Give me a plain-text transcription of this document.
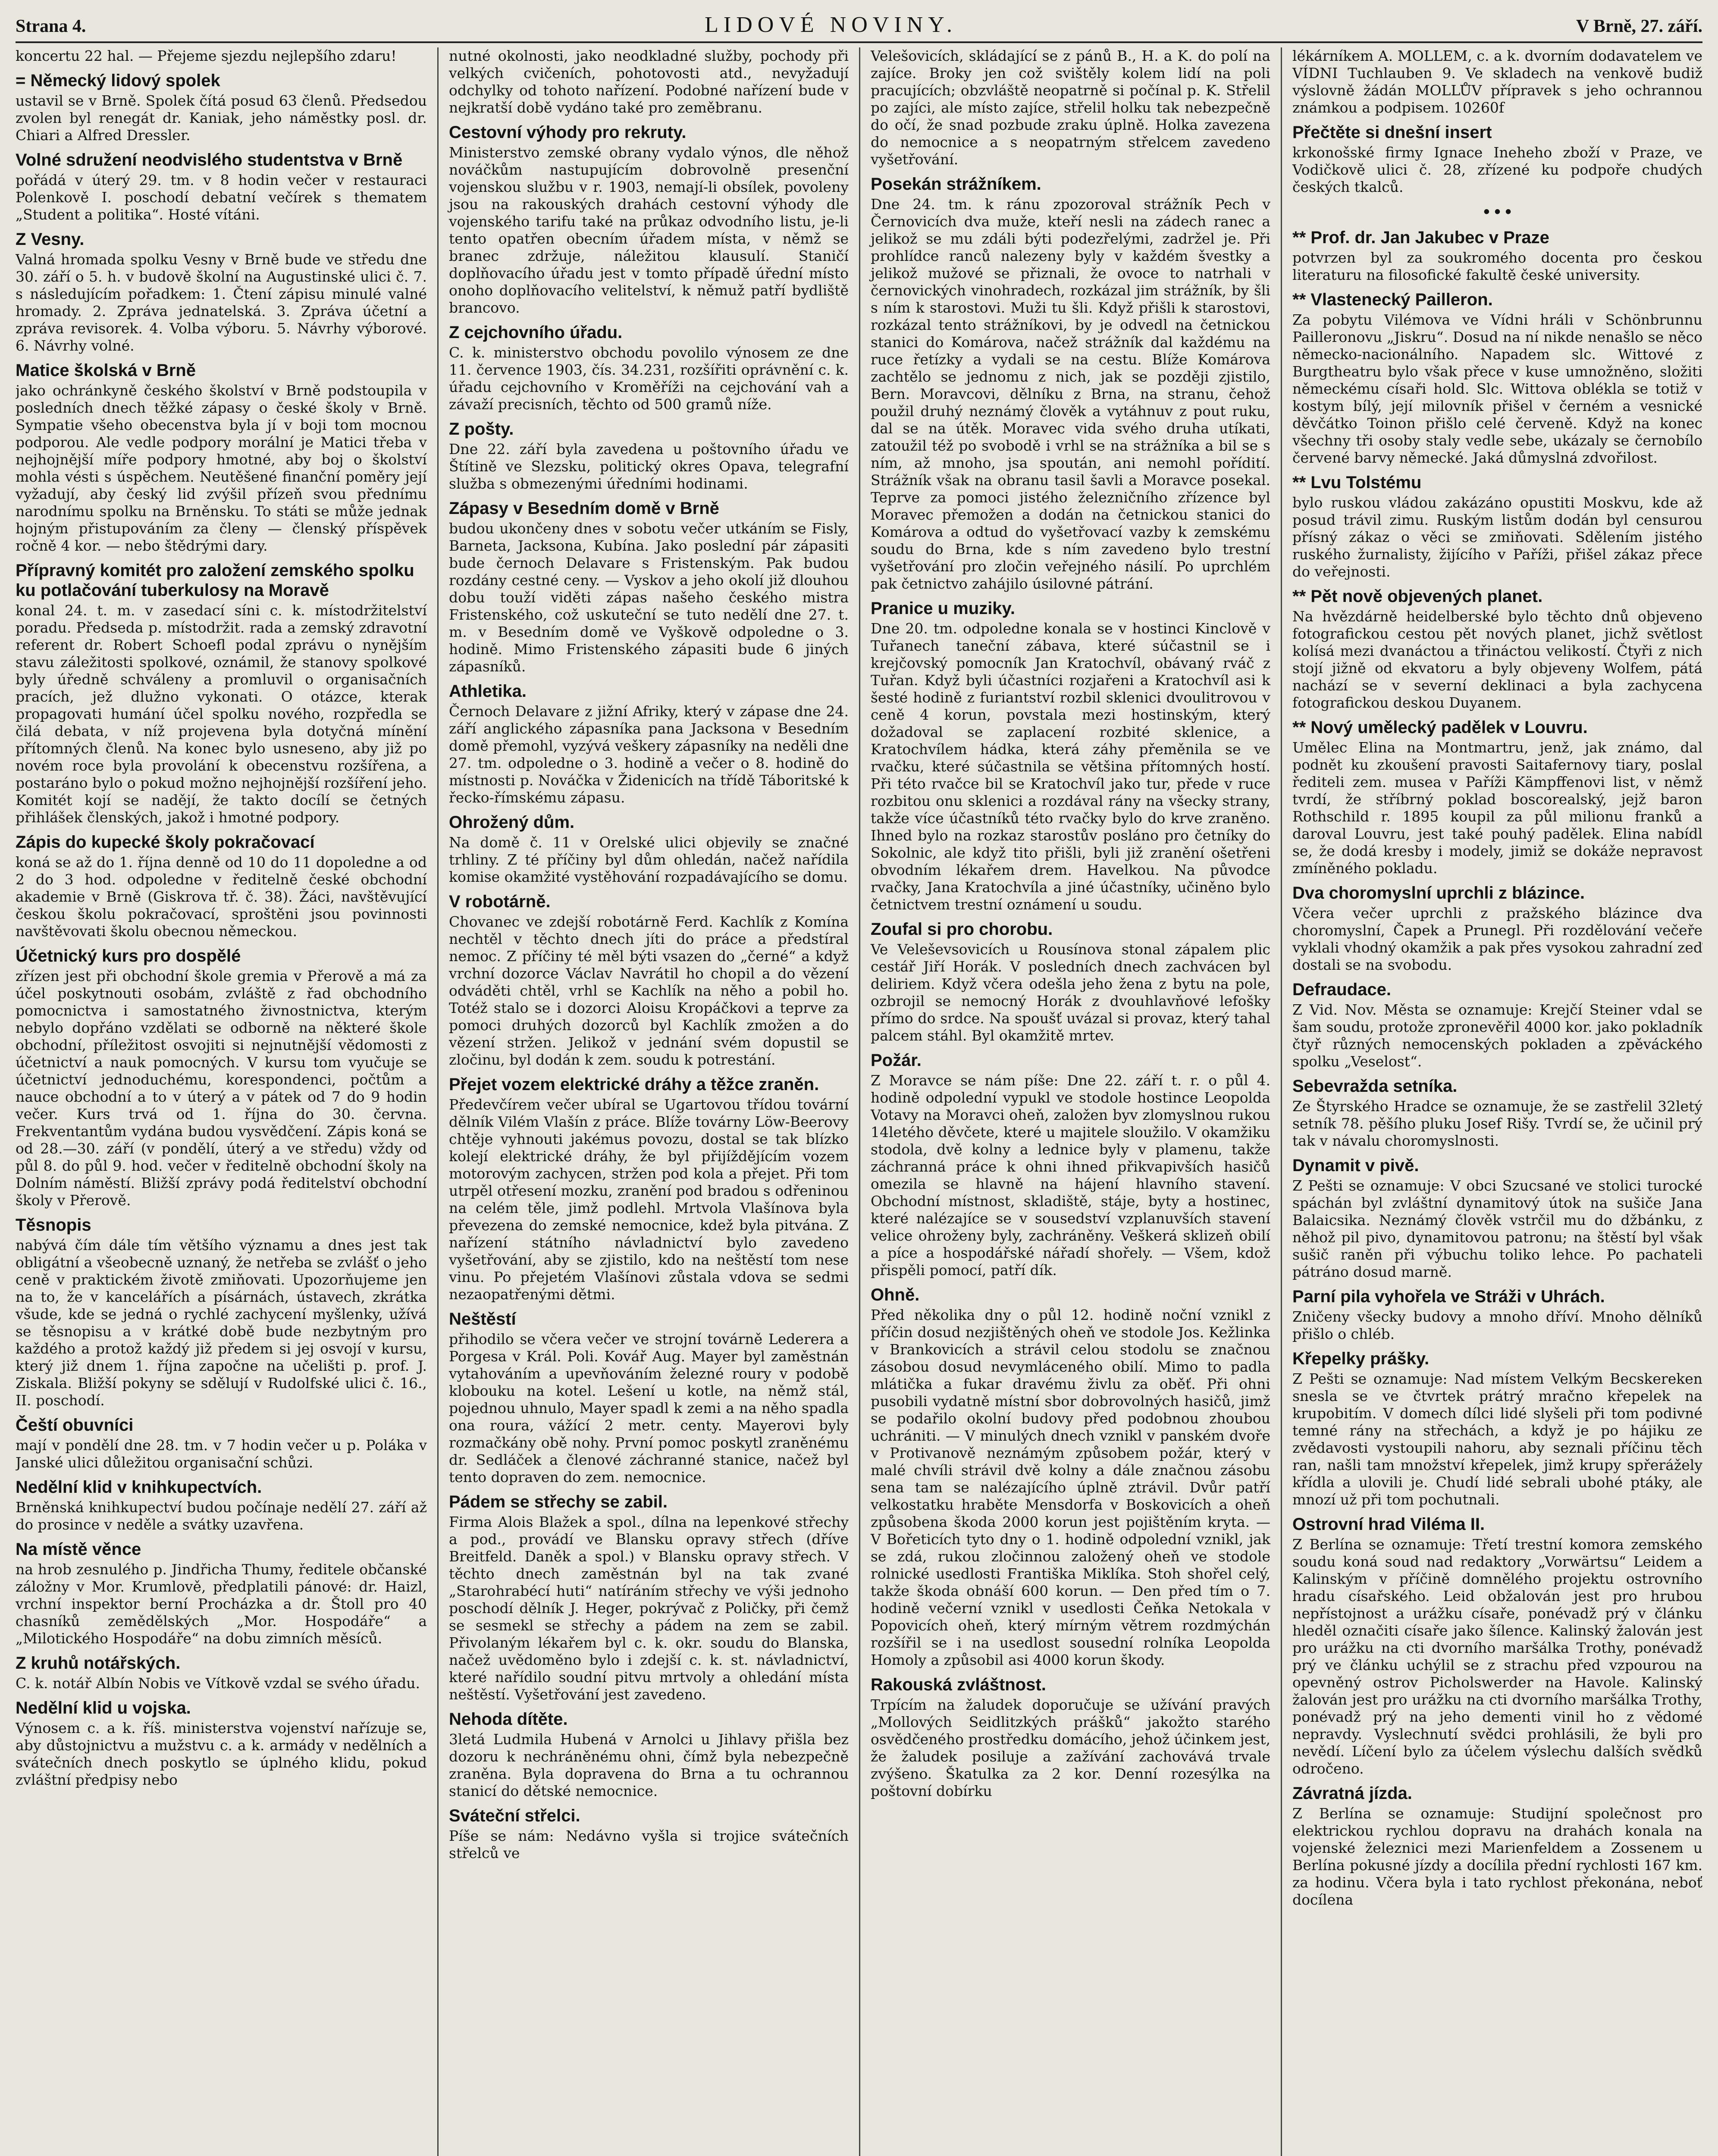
Strana 4.	LIDOVÉ NOVINY.	V Brně, 27. září.

koncertu 22 hal. — Přejeme sjezdu nejlepšího zdaru!

= Německý lidový spolek

ustavil se v Brně. Spolek čítá posud 63 členů. Předsedou zvolen byl renegát dr. Kaniak, jeho náměstky posl. dr. Chiari a Alfred Dressler.

Volné sdružení neodvislého studentstva v Brně

pořádá v úterý 29. tm. v 8 hodin večer v restauraci Polenkově I. poschodí debatní večírek s thematem „Student a politika“. Hosté vítáni.

Z Vesny.

Valná hromada spolku Vesny v Brně bude ve středu dne 30. září o 5. h. v budově školní na Augustinské ulici č. 7. s následujícím pořadkem: 1. Čtení zápisu minulé valné hromady. 2. Zpráva jednatelská. 3. Zpráva účetní a zpráva revisorek. 4. Volba výboru. 5. Návrhy výborové. 6. Návrhy volné.

Matice školská v Brně

jako ochránkyně českého školství v Brně podstoupila v posledních dnech těžké zápasy o české školy v Brně. Sympatie všeho obecenstva byla jí v boji tom mocnou podporou. Ale vedle podpory morální je Matici třeba v nejhojnější míře podpory hmotné, aby boj o školství mohla vésti s úspěchem. Neutěšené finanční poměry její vyžadují, aby český lid zvýšil přízeň svou přednímu narodnímu spolku na Brněnsku. To státi se může jednak hojným přistupováním za členy — členský příspěvek ročně 4 kor. — nebo štědrými dary.

Přípravný komitét pro založení zemského spolku ku potlačování tuberkulosy na Moravě

konal 24. t. m. v zasedací síni c. k. místodržitelství poradu. Předseda p. místodržit. rada a zemský zdravotní referent dr. Robert Schoefl podal zprávu o nynějším stavu záležitosti spolkové, oznámil, že stanovy spolkové byly úředně schváleny a promluvil o organisačních pracích, jež dlužno vykonati. O otázce, kterak propagovati humání účel spolku nového, rozpředla se čilá debata, v níž projevena byla dotyčná mínění přítomných členů. Na konec bylo usneseno, aby již po novém roce byla provolání k obecenstvu rozšířena, a postaráno bylo o pokud možno nejhojnější rozšíření jeho. Komitét kojí se nadějí, že takto docílí se četných přihlášek členských, jakož i hmotné podpory.

Zápis do kupecké školy pokračovací

koná se až do 1. října denně od 10 do 11 dopoledne a od 2 do 3 hod. odpoledne v ředitelně české obchodní akademie v Brně (Giskrova tř. č. 38). Žáci, navštěvující českou školu pokračovací, sproštěni jsou povinnosti navštěvovati školu obecnou německou.

Účetnický kurs pro dospělé

zřízen jest při obchodní škole gremia v Přerově a má za účel poskytnouti osobám, zvláště z řad obchodního pomocnictva i samostatného živnostnictva, kterým nebylo dopřáno vzdělati se odborně na některé škole obchodní, příležitost osvojiti si nejnutnější vědomosti z účetnictví a nauk pomocných. V kursu tom vyučuje se účetnictví jednoduchému, korespondenci, počtům a nauce obchodní a to v úterý a v pátek od 7 do 9 hodin večer. Kurs trvá od 1. října do 30. června. Frekventantům vydána budou vysvědčení. Zápis koná se od 28.—30. září (v pondělí, úterý a ve středu) vždy od půl 8. do půl 9. hod. večer v ředitelně obchodní školy na Dolním náměstí. Bližší zprávy podá ředitelství obchodní školy v Přerově.

Těsnopis

nabývá čím dále tím většího významu a dnes jest tak obligátní a všeobecně uznaný, že netřeba se zvlášť o jeho ceně v praktickém životě zmiňovati. Upozorňujeme jen na to, že v kancelářích a písárnách, ústavech, zkrátka všude, kde se jedná o rychlé zachycení myšlenky, užívá se těsnopisu a v krátké době bude nezbytným pro každého a protož každý již předem si jej osvojí v kursu, který již dnem 1. října započne na učelišti p. prof. J. Ziskala. Bližší pokyny se sdělují v Rudolfské ulici č. 16., II. poschodí.

Čeští obuvníci

mají v pondělí dne 28. tm. v 7 hodin večer u p. Poláka v Janské ulici důležitou organisační schůzi.

Nedělní klid v knihkupectvích.

Brněnská knihkupectví budou počínaje nedělí 27. září až do prosince v neděle a svátky uzavřena.

Na místě věnce

na hrob zesnulého p. Jindřicha Thumy, ředitele občanské záložny v Mor. Krumlově, předplatili pánové: dr. Haizl, vrchní inspektor berní Procházka a dr. Štoll pro 40 chasníků zemědělských „Mor. Hospodáře“ a „Milotického Hospodáře“ na dobu zimních měsíců.

Z kruhů notářských.

C. k. notář Albín Nobis ve Vítkově vzdal se svého úřadu.

Nedělní klid u vojska.

Výnosem c. a k. říš. ministerstva vojenství nařízuje se, aby důstojnictvu a mužstvu c. a k. armády v nedělních a svátečních dnech poskytlo se úplného klidu, pokud zvláštní předpisy nebo

nutné okolnosti, jako neodkladné služby, pochody při velkých cvičeních, pohotovosti atd., nevyžadují odchylky od tohoto nařízení. Podobné nařízení bude v nejkratší době vydáno také pro zeměbranu.

Cestovní výhody pro rekruty.

Ministerstvo zemské obrany vydalo výnos, dle něhož nováčkům nastupujícím dobrovolně presenční vojenskou službu v r. 1903, nemají-li obsílek, povoleny jsou na rakouských drahách cestovní výhody dle vojenského tarifu také na průkaz odvodního listu, je-li tento opatřen obecním úřadem místa, v němž se branec zdržuje, náležitou klausulí. Staničí doplňovacího úřadu jest v tomto případě úřední místo onoho doplňovacího velitelství, k němuž patří bydliště brancovo.

Z cejchovního úřadu.

C. k. ministerstvo obchodu povolilo výnosem ze dne 11. července 1903, čís. 34.231, rozšířiti oprávnění c. k. úřadu cejchovního v Kroměříži na cejchování vah a závaží precisních, těchto od 500 gramů níže.

Z pošty.

Dne 22. září byla zavedena u poštovního úřadu ve Štítině ve Slezsku, politický okres Opava, telegrafní služba s obmezenými úředními hodinami.

Zápasy v Besedním domě v Brně

budou ukončeny dnes v sobotu večer utkáním se Fisly, Barneta, Jacksona, Kubína. Jako poslední pár zápasiti bude černoch Delavare s Fristenským. Pak budou rozdány cestné ceny. — Vyskov a jeho okolí již dlouhou dobu touží viděti zápas našeho českého mistra Fristenského, což uskuteční se tuto nedělí dne 27. t. m. v Besedním domě ve Vyškově odpoledne o 3. hodině. Mimo Fristenského zápasiti bude 6 jiných zápasníků.

Athletika.

Černoch Delavare z jižní Afriky, který v zápase dne 24. září anglického zápasníka pana Jacksona v Besedním domě přemohl, vyzývá veškery zápasníky na neděli dne 27. tm. odpoledne o 3. hodině a večer o 8. hodině do místnosti p. Nováčka v Židenicích na třídě Táboritské k řecko-římskému zápasu.

Ohrožený dům.

Na domě č. 11 v Orelské ulici objevily se značné trhliny. Z té příčiny byl dům ohledán, načež nařídila komise okamžité vystěhování rozpadávajícího se domu.

V robotárně.

Chovanec ve zdejší robotárně Ferd. Kachlík z Komína nechtěl v těchto dnech jíti do práce a předstíral nemoc. Z příčiny té měl býti vsazen do „černé“ a když vrchní dozorce Václav Navrátil ho chopil a do vězení odváděti chtěl, vrhl se Kachlík na něho a pobil ho. Totéž stalo se i dozorci Aloisu Kropáčkovi a teprve za pomoci druhých dozorců byl Kachlík zmožen a do vězení stržen. Jelikož v jednání svém dopustil se zločinu, byl dodán k zem. soudu k potrestání.

Přejet vozem elektrické dráhy a těžce zraněn.

Předevčírem večer ubíral se Ugartovou třídou tovární dělník Vilém Vlašín z práce. Blíže továrny Löw-Beerovy chtěje vyhnouti jakémus povozu, dostal se tak blízko kolejí elektrické dráhy, že byl přijíždějícím vozem motorovým zachycen, stržen pod kola a přejet. Při tom utrpěl otřesení mozku, zranění pod bradou s odřeninou na celém těle, jimž podlehl. Mrtvola Vlašínova byla převezena do zemské nemocnice, kdež byla pitvána. Z nařízení státního návladnictví bylo zavedeno vyšetřování, aby se zjistilo, kdo na neštěstí tom nese vinu. Po přejetém Vlašínovi zůstala vdova se sedmi nezaopatřenými dětmi.

Neštěstí

přihodilo se včera večer ve strojní továrně Lederera a Porgesa v Král. Poli. Kovář Aug. Mayer byl zaměstnán vytahováním a upevňováním železné roury v podobě klobouku na kotel. Lešení u kotle, na němž stál, pojednou uhnulo, Mayer spadl k zemi a na něho spadla ona roura, vážící 2 metr. centy. Mayerovi byly rozmačkány obě nohy. První pomoc poskytl zraněnému dr. Sedláček a členové záchranné stanice, načež byl tento dopraven do zem. nemocnice.

Pádem se střechy se zabil.

Firma Alois Blažek a spol., dílna na lepenkové střechy a pod., provádí ve Blansku opravy střech (dříve Breitfeld. Daněk a spol.) v Blansku opravy střech. V těchto dnech zaměstnán byl na tak zvané „Starohrabécí huti“ natíráním střechy ve výši jednoho poschodí dělník J. Heger, pokrývač z Poličky, při čemž se sesmekl se střechy a pádem na zem se zabil. Přivolaným lékařem byl c. k. okr. soudu do Blanska, načež uvědoměno bylo i zdejší c. k. st. návladnictví, které nařídilo soudní pitvu mrtvoly a ohledání místa neštěstí. Vyšetřování jest zavedeno.

Nehoda dítěte.

3letá Ludmila Hubená v Arnolci u Jihlavy přišla bez dozoru k nechráněnému ohni, čímž byla nebezpečně zraněna. Byla dopravena do Brna a tu ochrannou stanicí do dětské nemocnice.

Sváteční střelci.

Píše se nám: Nedávno vyšla si trojice svátečních střelců ve

Velešovicích, skládající se z pánů B., H. a K. do polí na zajíce. Broky jen což svištěly kolem lidí na poli pracujících; obzvláště neopatrně si počínal p. K. Střelil po zajíci, ale místo zajíce, střelil holku tak nebezpečně do očí, že snad pozbude zraku úplně. Holka zavezena do nemocnice a s neopatrným střelcem zavedeno vyšetřování.

Posekán strážníkem.

Dne 24. tm. k ránu zpozoroval strážník Pech v Černovicích dva muže, kteří nesli na zádech ranec a jelikož se mu zdáli býti podezřelými, zadržel je. Při prohlídce ranců nalezeny byly v každém švestky a jelikož mužové se přiznali, že ovoce to natrhali v černovických vinohradech, rozkázal jim strážník, by šli s ním k starostovi. Muži tu šli. Když přišli k starostovi, rozkázal tento strážníkovi, by je odvedl na četnickou stanici do Komárova, načež strážník dal každému na ruce řetízky a vydali se na cestu. Blíže Komárova zachtělo se jednomu z nich, jak se později zjistilo, Bern. Moravcovi, dělníku z Brna, na stranu, čehož použil druhý neznámý člověk a vytáhnuv z pout ruku, dal se na útěk. Moravec vida svého druha utíkati, zatoužil též po svobodě i vrhl se na strážníka a bil se s ním, až mnoho, jsa spoután, ani nemohl pořídití. Strážník však na obranu tasil šavli a Moravce posekal. Teprve za pomoci jistého železničního zřízence byl Moravec přemožen a dodán na četnickou stanici do Komárova a odtud do vyšetřovací vazby k zemskému soudu do Brna, kde s ním zavedeno bylo trestní vyšetřování pro zločin veřejného násilí. Po uprchlém pak četnictvo zahájilo úsilovné pátrání.

Pranice u muziky.

Dne 20. tm. odpoledne konala se v hostinci Kinclově v Tuřanech taneční zábava, které súčastnil se i krejčovský pomocník Jan Kratochvíl, obávaný rváč z Tuřan. Když byli účastníci rozjařeni a Kratochvíl asi k šesté hodině z furiantství rozbil sklenici dvoulitrovou v ceně 4 korun, povstala mezi hostinským, který dožadoval se zaplacení rozbité sklenice, a Kratochvílem hádka, která záhy přeměnila se ve rvačku, které súčastnila se většina přítomných hostí. Při této rvačce bil se Kratochvíl jako tur, přede v ruce rozbitou onu sklenici a rozdával rány na všecky strany, takže více účastníků této rvačky bylo do krve zraněno. Ihned bylo na rozkaz starostův posláno pro četníky do Sokolnic, ale když tito přišli, byli již zranění ošetřeni obvodním lékařem drem. Havelkou. Na původce rvačky, Jana Kratochvíla a jiné účastníky, učiněno bylo četnictvem trestní oznámení u soudu.

Zoufal si pro chorobu.

Ve Veleševsovicích u Rousínova stonal zápalem plic cestář Jiří Horák. V posledních dnech zachvácen byl deliriem. Když včera odešla jeho žena z bytu na pole, ozbrojil se nemocný Horák z dvouhlavňové lefošky přímo do srdce. Na spoušť uvázal si provaz, který tahal palcem stáhl. Byl okamžitě mrtev.

Požár.

Z Moravce se nám píše: Dne 22. září t. r. o půl 4. hodině odpolední vypukl ve stodole hostince Leopolda Votavy na Moravci oheň, založen byv zlomyslnou rukou 14letého děvčete, které u majitele sloužilo. V okamžiku stodola, dvě kolny a lednice byly v plamenu, takže záchranná práce k ohni ihned přikvapivších hasičů omezila se hlavně na hájení hlavního stavení. Obchodní místnost, skladiště, stáje, byty a hostinec, které nalézajíce se v sousedství vzplanuvších stavení velice ohroženy byly, zachráněny. Veškerá sklizeň obilí a píce a hospodářské nářadí shořely. — Všem, kdož přispěli pomocí, patří dík.

Ohně.

Před několika dny o půl 12. hodině noční vznikl z příčin dosud nezjištěných oheň ve stodole Jos. Kežlinka v Brankovicích a strávil celou stodolu se značnou zásobou dosud nevymláceného obilí. Mimo to padla mlátička a fukar dravému živlu za oběť. Při ohni pusobili vydatně místní sbor dobrovolných hasičů, jimž se podařilo okolní budovy před podobnou zhoubou uchrániti. — V minulých dnech vznikl v panském dvoře v Protivanově neznámým způsobem požár, který v malé chvíli strávil dvě kolny a dále značnou zásobu sena tam se nalézajícího úplně ztrávil. Dvůr patří velkostatku hraběte Mensdorfa v Boskovicích a oheň způsobena škoda 2000 korun jest pojištěním kryta. — V Bořeticích tyto dny o 1. hodině odpolední vznikl, jak se zdá, rukou zločinnou založený oheň ve stodole rolnické usedlosti Františka Miklíka. Stoh shořel celý, takže škoda obnáší 600 korun. — Den před tím o 7. hodině večerní vznikl v usedlosti Čeňka Netokala v Popovicích oheň, který mírným větrem rozdmýchán rozšířil se i na usedlost sousední rolníka Leopolda Homoly a způsobil asi 4000 korun škody.

Rakouská zvláštnost.

Trpícím na žaludek doporučuje se užívání pravých „Mollových Seidlitzkých prášků“ jakožto starého osvědčeného prostředku domácího, jehož účinkem jest, že žaludek posiluje a zažívání zachovává trvale zvýšeno. Škatulka za 2 kor. Denní rozesýlka na poštovní dobírku

lékárníkem A. MOLLEM, c. a k. dvorním dodavatelem ve VÍDNI Tuchlauben 9. Ve skladech na venkově budiž výslovně žádán MOLLŮV přípravek s jeho ochrannou známkou a podpisem. 10260f

Přečtěte si dnešní insert

krkonošské firmy Ignace Ineheho zboží v Praze, ve Vodičkově ulici č. 28, zřízené ku podpoře chudých českých tkalců.

• • •
** Prof. dr. Jan Jakubec v Praze

potvrzen byl za soukromého docenta pro českou literaturu na filosofické fakultě české university.

** Vlastenecký Pailleron.

Za pobytu Vilémova ve Vídni hráli v Schönbrunnu Pailleronovu „Jiskru“. Dosud na ní nikde nenašlo se něco německo-nacionálního. Napadem slc. Wittové z Burgtheatru bylo však přece v kuse umnožněno, složiti německému císaři hold. Slc. Wittova oblékla se totiž v kostym bílý, její milovník přišel v černém a vesnické děvčátko Toinon přišlo celé červeně. Když na konec všechny tři osoby staly vedle sebe, ukázaly se černobílo červené barvy německé. Jaká důmyslná zdvořilost.

** Lvu Tolstému

bylo ruskou vládou zakázáno opustiti Moskvu, kde až posud trávil zimu. Ruským listům dodán byl censurou přísný zákaz o věci se zmiňovati. Sdělením jistého ruského žurnalisty, žijícího v Paříži, přišel zákaz přece do veřejnosti.

** Pět nově objevených planet.

Na hvězdárně heidelberské bylo těchto dnů objeveno fotografickou cestou pět nových planet, jichž světlost kolísá mezi dvanáctou a třináctou velikostí. Čtyři z nich stojí jižně od ekvatoru a byly objeveny Wolfem, pátá nachází se v severní deklinaci a byla zachycena fotografickou deskou Duyanem.

** Nový umělecký padělek v Louvru.

Umělec Elina na Montmartru, jenž, jak známo, dal podnět ku zkoušení pravosti Saitafernovy tiary, poslal řediteli zem. musea v Paříži Kämpffenovi list, v němž tvrdí, že stříbrný poklad boscorealský, jejž baron Rothschild r. 1895 koupil za půl milionu franků a daroval Louvru, jest také pouhý padělek. Elina nabídl se, že dodá kresby i modely, jimiž se dokáže nepravost zmíněného pokladu.

Dva choromyslní uprchli z blázince.

Včera večer uprchli z pražského blázince dva choromyslní, Čapek a Prunegl. Při rozdělování večeře vyklali vhodný okamžik a pak přes vysokou zahradní zeď dostali se na svobodu.

Defraudace.

Z Vid. Nov. Města se oznamuje: Krejčí Steiner vdal se šam soudu, protože zpronevěřil 4000 kor. jako pokladník čtyř různých nemocenských pokladen a zpěváckého spolku „Veselost“.

Sebevražda setníka.

Ze Štyrského Hradce se oznamuje, že se zastřelil 32letý setník 78. pěšího pluku Josef Rišy. Tvrdí se, že učinil prý tak v návalu choromyslnosti.

Dynamit v pivě.

Z Pešti se oznamuje: V obci Szucsané ve stolici turocké spáchán byl zvláštní dynamitový útok na sušiče Jana Balaicsika. Neznámý člověk vstrčil mu do džbánku, z něhož pil pivo, dynamitovou patronu; na štěstí byl však sušič raněn při výbuchu toliko lehce. Po pachateli pátráno dosud marně.

Parní pila vyhořela ve Stráži v Uhrách.

Zničeny všecky budovy a mnoho dříví. Mnoho dělníků přišlo o chléb.

Křepelky prášky.

Z Pešti se oznamuje: Nad místem Velkým Becskereken snesla se ve čtvrtek prátrý mračno křepelek na krupobitím. V domech dílci lidé slyšeli při tom podivné temné rány na střechách, a když je po hájiku ze zvědavosti vystoupili nahoru, aby seznali příčinu těch ran, našli tam množství křepelek, jimž krupy spřerážely křídla a ulovili je. Chudí lidé sebrali ubohé ptáky, ale mnozí už při tom pochutnali.

Ostrovní hrad Viléma II.

Z Berlína se oznamuje: Třetí trestní komora zemského soudu koná soud nad redaktory „Vorwärtsu“ Leidem a Kalinským v příčině domnělého projektu ostrovního hradu císařského. Leid obžalován jest pro hrubou nepřístojnost a urážku císaře, ponévadž prý v článku hleděl označiti císaře jako šílence. Kalinský žalován jest pro urážku na cti dvorního maršálka Trothy, ponévadž prý ve článku uchýlil se z strachu před vzpourou na opevněný ostrov Picholswerder na Havole. Kalinský žalován jest pro urážku na cti dvorního maršálka Trothy, ponévadž prý na jeho dementi vinil ho z vědomé nepravdy. Vyslechnutí svědci prohlásili, že byli pro nevědí. Líčení bylo za účelem výslechu dalších svědků odročeno.

Závratná jízda.

Z Berlína se oznamuje: Studijní společnost pro elektrickou rychlou dopravu na drahách konala na vojenské železnici mezi Marienfeldem a Zossenem u Berlína pokusné jízdy a docílila přední rychlosti 167 km. za hodinu. Včera byla i tato rychlost překonána, neboť docílena
